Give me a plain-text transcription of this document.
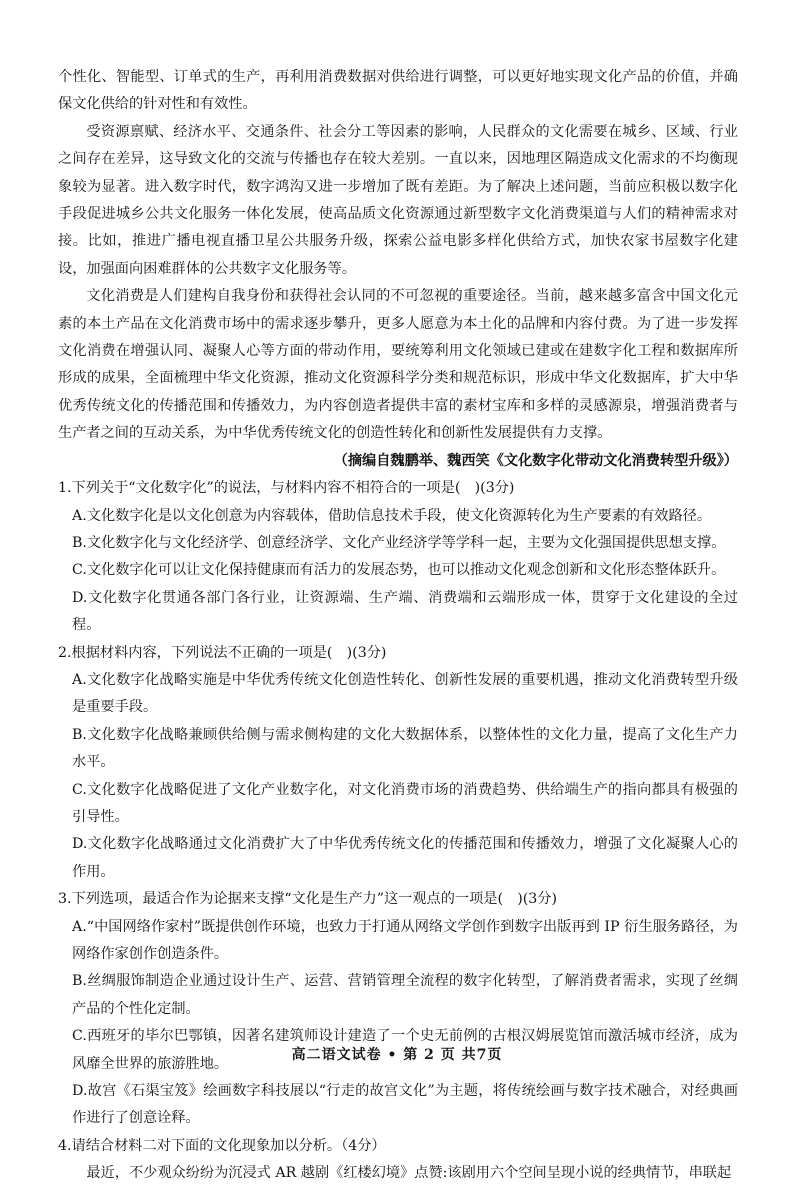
个性化、智能型、订单式的生产，再利用消费数据对供给进行调整，可以更好地实现文化产品的价值，并确保文化供给的针对性和有效性。

受资源禀赋、经济水平、交通条件、社会分工等因素的影响，人民群众的文化需要在城乡、区域、行业之间存在差异，这导致文化的交流与传播也存在较大差别。一直以来，因地理区隔造成文化需求的不均衡现象较为显著。进入数字时代，数字鸿沟又进一步增加了既有差距。为了解决上述问题，当前应积极以数字化手段促进城乡公共文化服务一体化发展，使高品质文化资源通过新型数字文化消费渠道与人们的精神需求对接。比如，推进广播电视直播卫星公共服务升级，探索公益电影多样化供给方式，加快农家书屋数字化建设，加强面向困难群体的公共数字文化服务等。

文化消费是人们建构自我身份和获得社会认同的不可忽视的重要途径。当前，越来越多富含中国文化元素的本土产品在文化消费市场中的需求逐步攀升，更多人愿意为本土化的品牌和内容付费。为了进一步发挥文化消费在增强认同、凝聚人心等方面的带动作用，要统筹利用文化领域已建或在建数字化工程和数据库所形成的成果，全面梳理中华文化资源，推动文化资源科学分类和规范标识，形成中华文化数据库，扩大中华优秀传统文化的传播范围和传播效力，为内容创造者提供丰富的素材宝库和多样的灵感源泉，增强消费者与生产者之间的互动关系，为中华优秀传统文化的创造性转化和创新性发展提供有力支撑。

（摘编自魏鹏举、魏西笑《文化数字化带动文化消费转型升级》）

1.下列关于“文化数字化”的说法，与材料内容不相符合的一项是(　)(3分)

A.文化数字化是以文化创意为内容载体，借助信息技术手段，使文化资源转化为生产要素的有效路径。

B.文化数字化与文化经济学、创意经济学、文化产业经济学等学科一起，主要为文化强国提供思想支撑。

C.文化数字化可以让文化保持健康而有活力的发展态势，也可以推动文化观念创新和文化形态整体跃升。

D.文化数字化贯通各部门各行业，让资源端、生产端、消费端和云端形成一体，贯穿于文化建设的全过程。

2.根据材料内容，下列说法不正确的一项是(　)(3分)

A.文化数字化战略实施是中华优秀传统文化创造性转化、创新性发展的重要机遇，推动文化消费转型升级是重要手段。

B.文化数字化战略兼顾供给侧与需求侧构建的文化大数据体系，以整体性的文化力量，提高了文化生产力水平。

C.文化数字化战略促进了文化产业数字化，对文化消费市场的消费趋势、供给端生产的指向都具有极强的引导性。

D.文化数字化战略通过文化消费扩大了中华优秀传统文化的传播范围和传播效力，增强了文化凝聚人心的作用。

3.下列选项，最适合作为论据来支撑“文化是生产力”这一观点的一项是(　)(3分)

A.“中国网络作家村”既提供创作环境，也致力于打通从网络文学创作到数字出版再到 IP 衍生服务路径，为网络作家创作创造条件。

B.丝绸服饰制造企业通过设计生产、运营、营销管理全流程的数字化转型，了解消费者需求，实现了丝绸产品的个性化定制。

C.西班牙的毕尔巴鄂镇，因著名建筑师设计建造了一个史无前例的古根汉姆展览馆而激活城市经济，成为风靡全世界的旅游胜地。

D.故宫《石渠宝笈》绘画数字科技展以“行走的故宫文化”为主题，将传统绘画与数字技术融合，对经典画作进行了创意诠释。

4.请结合材料二对下面的文化现象加以分析。（4分）

最近，不少观众纷纷为沉浸式 AR 越剧《红楼幻境》点赞:该剧用六个空间呈现小说的经典情节，串联起

高二语文试卷 • 第 2 页 共7页
